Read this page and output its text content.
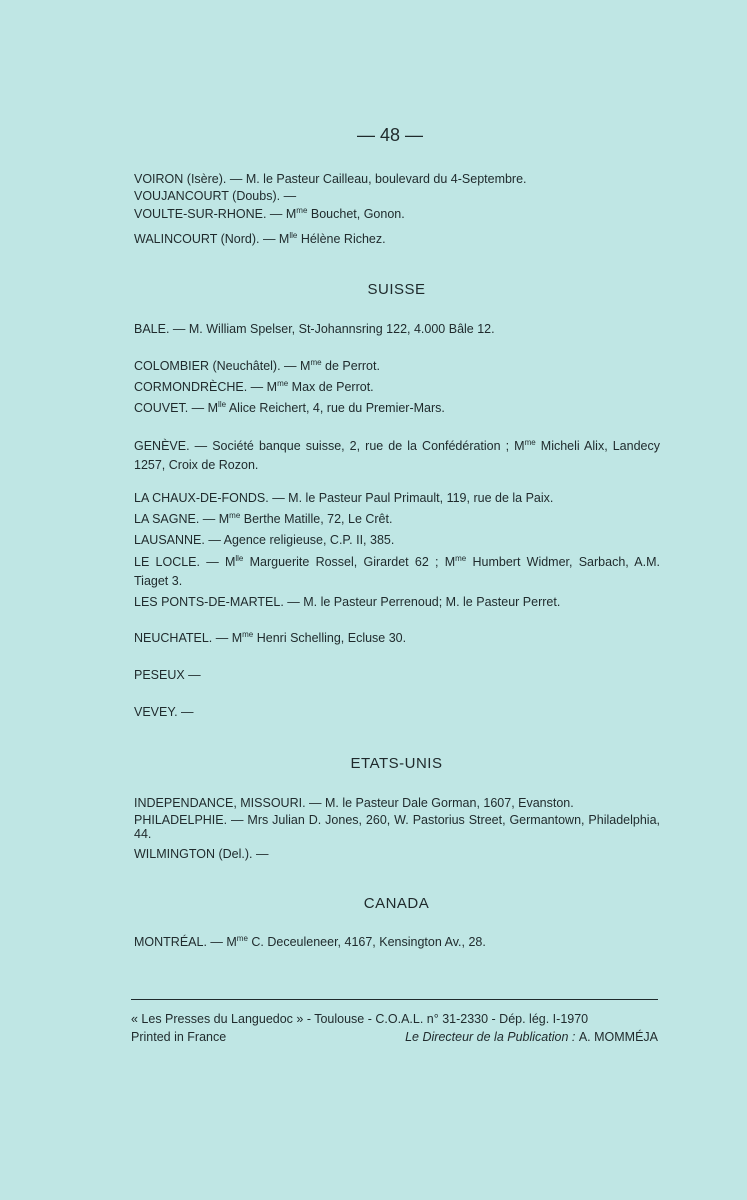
— 48 —
VOIRON (Isère). — M. le Pasteur Cailleau, boulevard du 4-Septembre.
VOUJANCOURT (Doubs). —
VOULTE-SUR-RHONE. — $M^{me}$ Bouchet, Gonon.
WALINCOURT (Nord). — $M^{lle}$ Hélène Richez.
SUISSE
BALE. — M. William Spelser, St-Johannsring 122, 4.000 Bâle 12.
COLOMBIER (Neuchâtel). — $M^{me}$ de Perrot.
CORMONDRÈCHE. — $M^{me}$ Max de Perrot.
COUVET. — $M^{lle}$ Alice Reichert, 4, rue du Premier-Mars.
GENÈVE. — Société banque suisse, 2, rue de la Confédération ; $M^{me}$ Micheli Alix, Landecy 1257, Croix de Rozon.
LA CHAUX-DE-FONDS. — M. le Pasteur Paul Primault, 119, rue de la Paix.
LA SAGNE. — $M^{me}$ Berthe Matille, 72, Le Crêt.
LAUSANNE. — Agence religieuse, C.P. II, 385.
LE LOCLE. — $M^{lle}$ Marguerite Rossel, Girardet 62 ; $M^{me}$ Humbert Widmer, Sarbach, A.M. Tiaget 3.
LES PONTS-DE-MARTEL. — M. le Pasteur Perrenoud; M. le Pasteur Perret.
NEUCHATEL. — $M^{me}$ Henri Schelling, Ecluse 30.
PESEUX —
VEVEY. —
ETATS-UNIS
INDEPENDANCE, MISSOURI. — M. le Pasteur Dale Gorman, 1607, Evanston.
PHILADELPHIE. — Mrs Julian D. Jones, 260, W. Pastorius Street, Germantown, Philadelphia, 44.
WILMINGTON (Del.). —
CANADA
MONTRÉAL. — $M^{me}$ C. Deceuleneer, 4167, Kensington Av., 28.
« Les Presses du Languedoc » - Toulouse - C.O.A.L. n° 31-2330 - Dép. lég. I-1970
Printed in France	Le Directeur de la Publication : A. MOMMÉJA
